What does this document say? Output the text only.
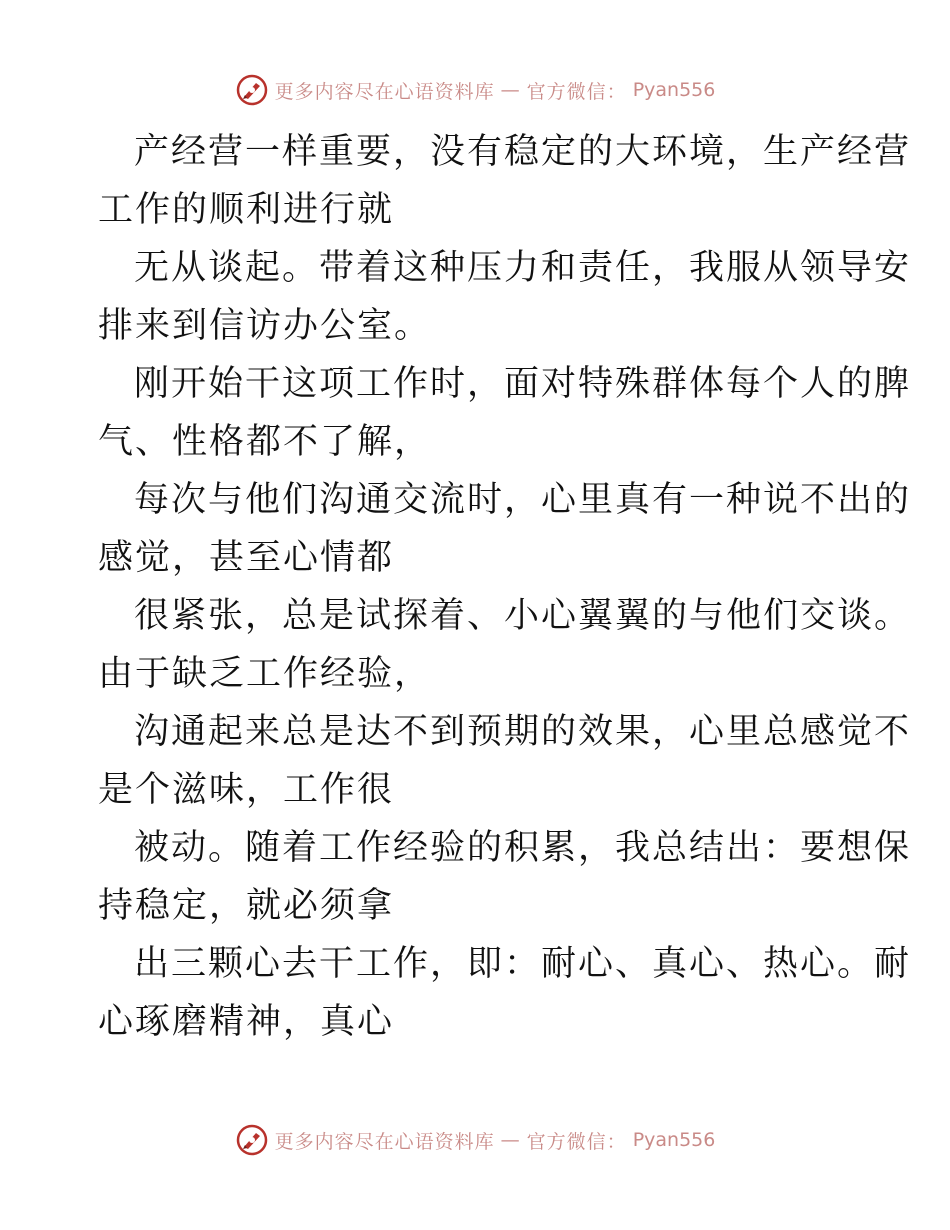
更多内容尽在心语资料库 — 官方微信： Pyan556

产经营一样重要，没有稳定的大环境，生产经营
工作的顺利进行就

无从谈起。带着这种压力和责任，我服从领导安
排来到信访办公室。

刚开始干这项工作时，面对特殊群体每个人的脾
气、性格都不了解，

每次与他们沟通交流时，心里真有一种说不出的
感觉，甚至心情都

很紧张，总是试探着、小心翼翼的与他们交谈。
由于缺乏工作经验，

沟通起来总是达不到预期的效果，心里总感觉不
是个滋味，工作很

被动。随着工作经验的积累，我总结出：要想保
持稳定，就必须拿

出三颗心去干工作，即：耐心、真心、热心。耐
心琢磨精神，真心

更多内容尽在心语资料库 — 官方微信： Pyan556
